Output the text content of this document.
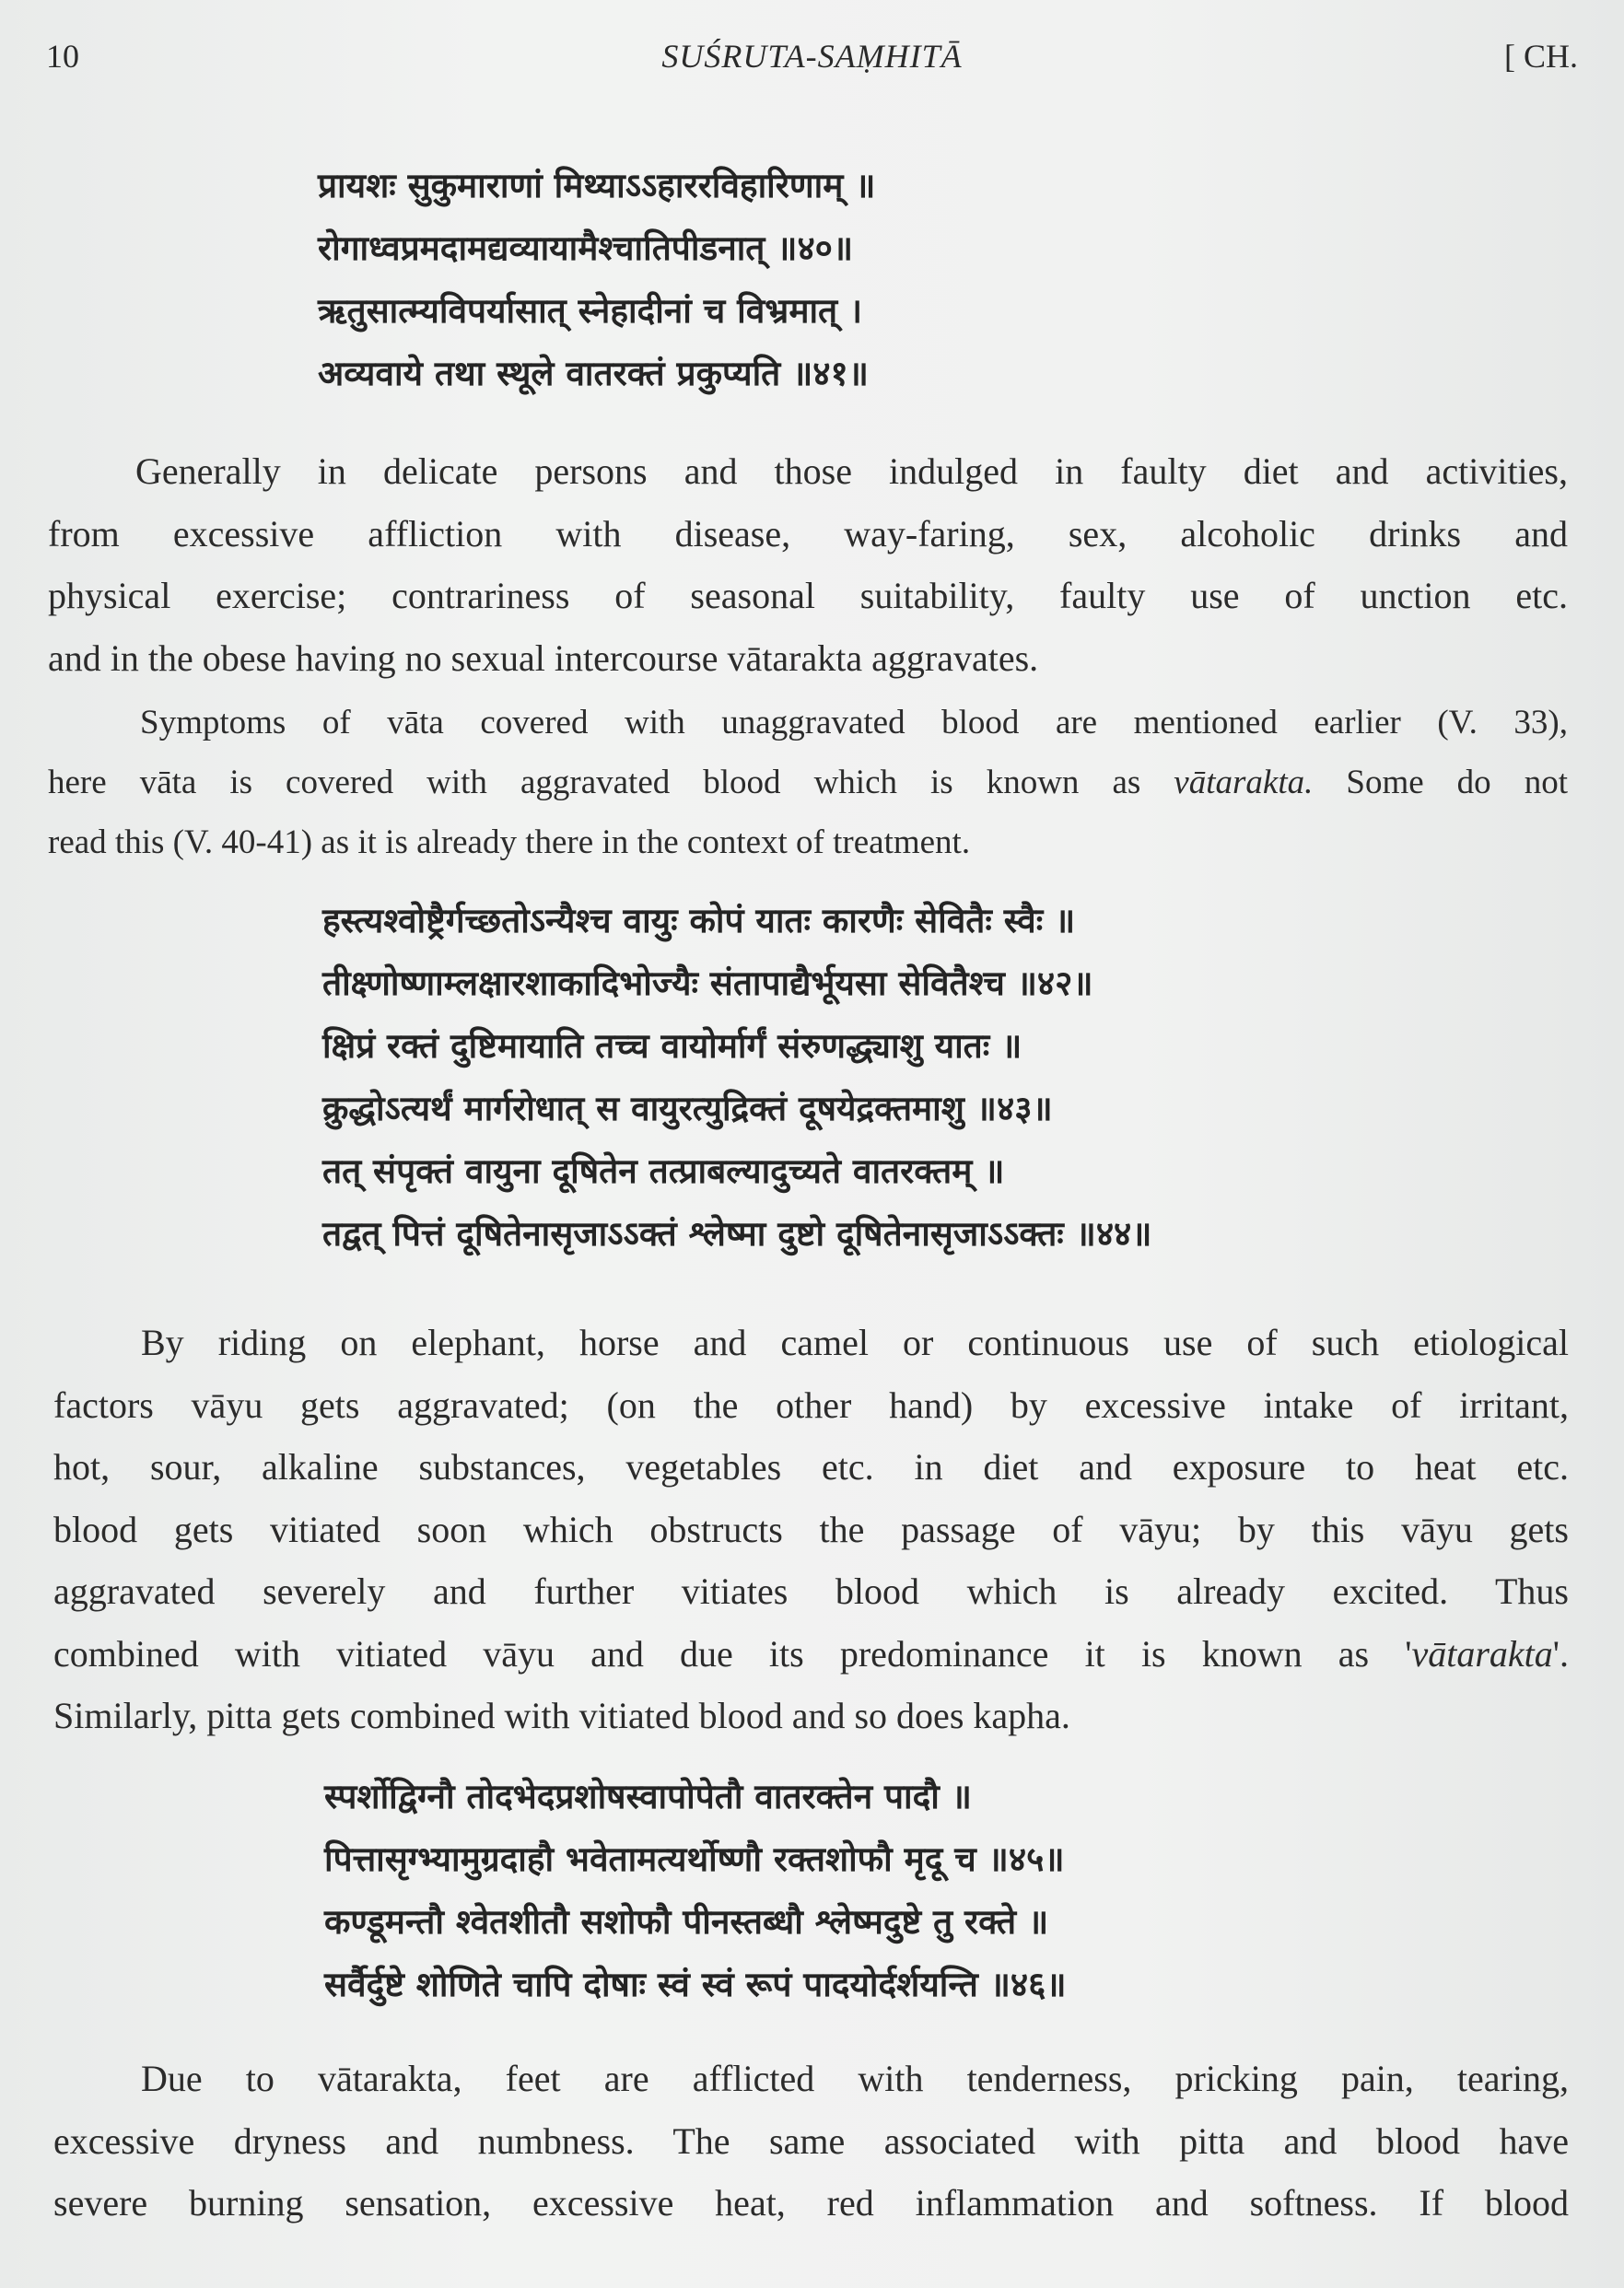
10	SUŚRUTA-SAṂHITĀ	[ CH.
प्रायशः सुकुमाराणां मिथ्याऽऽहाररविहारिणाम् ॥
रोगाध्वप्रमदामद्यव्यायामैश्चातिपीडनात् ॥४०॥
ऋतुसात्म्यविपर्यासात् स्नेहादीनां च विभ्रमात् ।
अव्यवाये तथा स्थूले वातरक्तं प्रकुप्यति ॥४१॥
Generally in delicate persons and those indulged in faulty diet and activities,
from excessive affliction with disease, way-faring, sex, alcoholic drinks and
physical exercise; contrariness of seasonal suitability, faulty use of unction etc.
and in the obese having no sexual intercourse vātarakta aggravates.
Symptoms of vāta covered with unaggravated blood are mentioned earlier (V. 33),
here vāta is covered with aggravated blood which is known as vātarakta. Some do not
read this (V. 40-41) as it is already there in the context of treatment.
हस्त्यश्वोष्ट्रैर्गच्छतोऽन्यैश्च वायुः कोपं यातः कारणैः सेवितैः स्वैः ॥
तीक्ष्णोष्णाम्लक्षारशाकादिभोज्यैः संतापाद्यैर्भूयसा सेवितैश्च ॥४२॥
क्षिप्रं रक्तं दुष्टिमायाति तच्च वायोर्मार्गं संरुणद्ध्याशु यातः ॥
क्रुद्धोऽत्यर्थं मार्गरोधात् स वायुरत्युद्रिक्तं दूषयेद्रक्तमाशु ॥४३॥
तत् संपृक्तं वायुना दूषितेन तत्प्राबल्यादुच्यते वातरक्तम् ॥
तद्वत् पित्तं दूषितेनासृजाऽऽक्तं श्लेष्मा दुष्टो दूषितेनासृजाऽऽक्तः ॥४४॥
By riding on elephant, horse and camel or continuous use of such etiological
factors vāyu gets aggravated; (on the other hand) by excessive intake of irritant,
hot, sour, alkaline substances, vegetables etc. in diet and exposure to heat etc.
blood gets vitiated soon which obstructs the passage of vāyu; by this vāyu gets
aggravated severely and further vitiates blood which is already excited. Thus
combined with vitiated vāyu and due its predominance it is known as 'vātarakta'.
Similarly, pitta gets combined with vitiated blood and so does kapha.
स्पर्शोद्विग्नौ तोदभेदप्रशोषस्वापोपेतौ वातरक्तेन पादौ ॥
पित्तासृग्भ्यामुग्रदाहौ भवेतामत्यर्थोष्णौ रक्तशोफौ मृदू च ॥४५॥
कण्डूमन्तौ श्वेतशीतौ सशोफौ पीनस्तब्धौ श्लेष्मदुष्टे तु रक्ते ॥
सर्वैर्दुष्टे शोणिते चापि दोषाः स्वं स्वं रूपं पादयोर्दर्शयन्ति ॥४६॥
Due to vātarakta, feet are afflicted with tenderness, pricking pain, tearing,
excessive dryness and numbness. The same associated with pitta and blood have
severe burning sensation, excessive heat, red inflammation and softness. If blood
